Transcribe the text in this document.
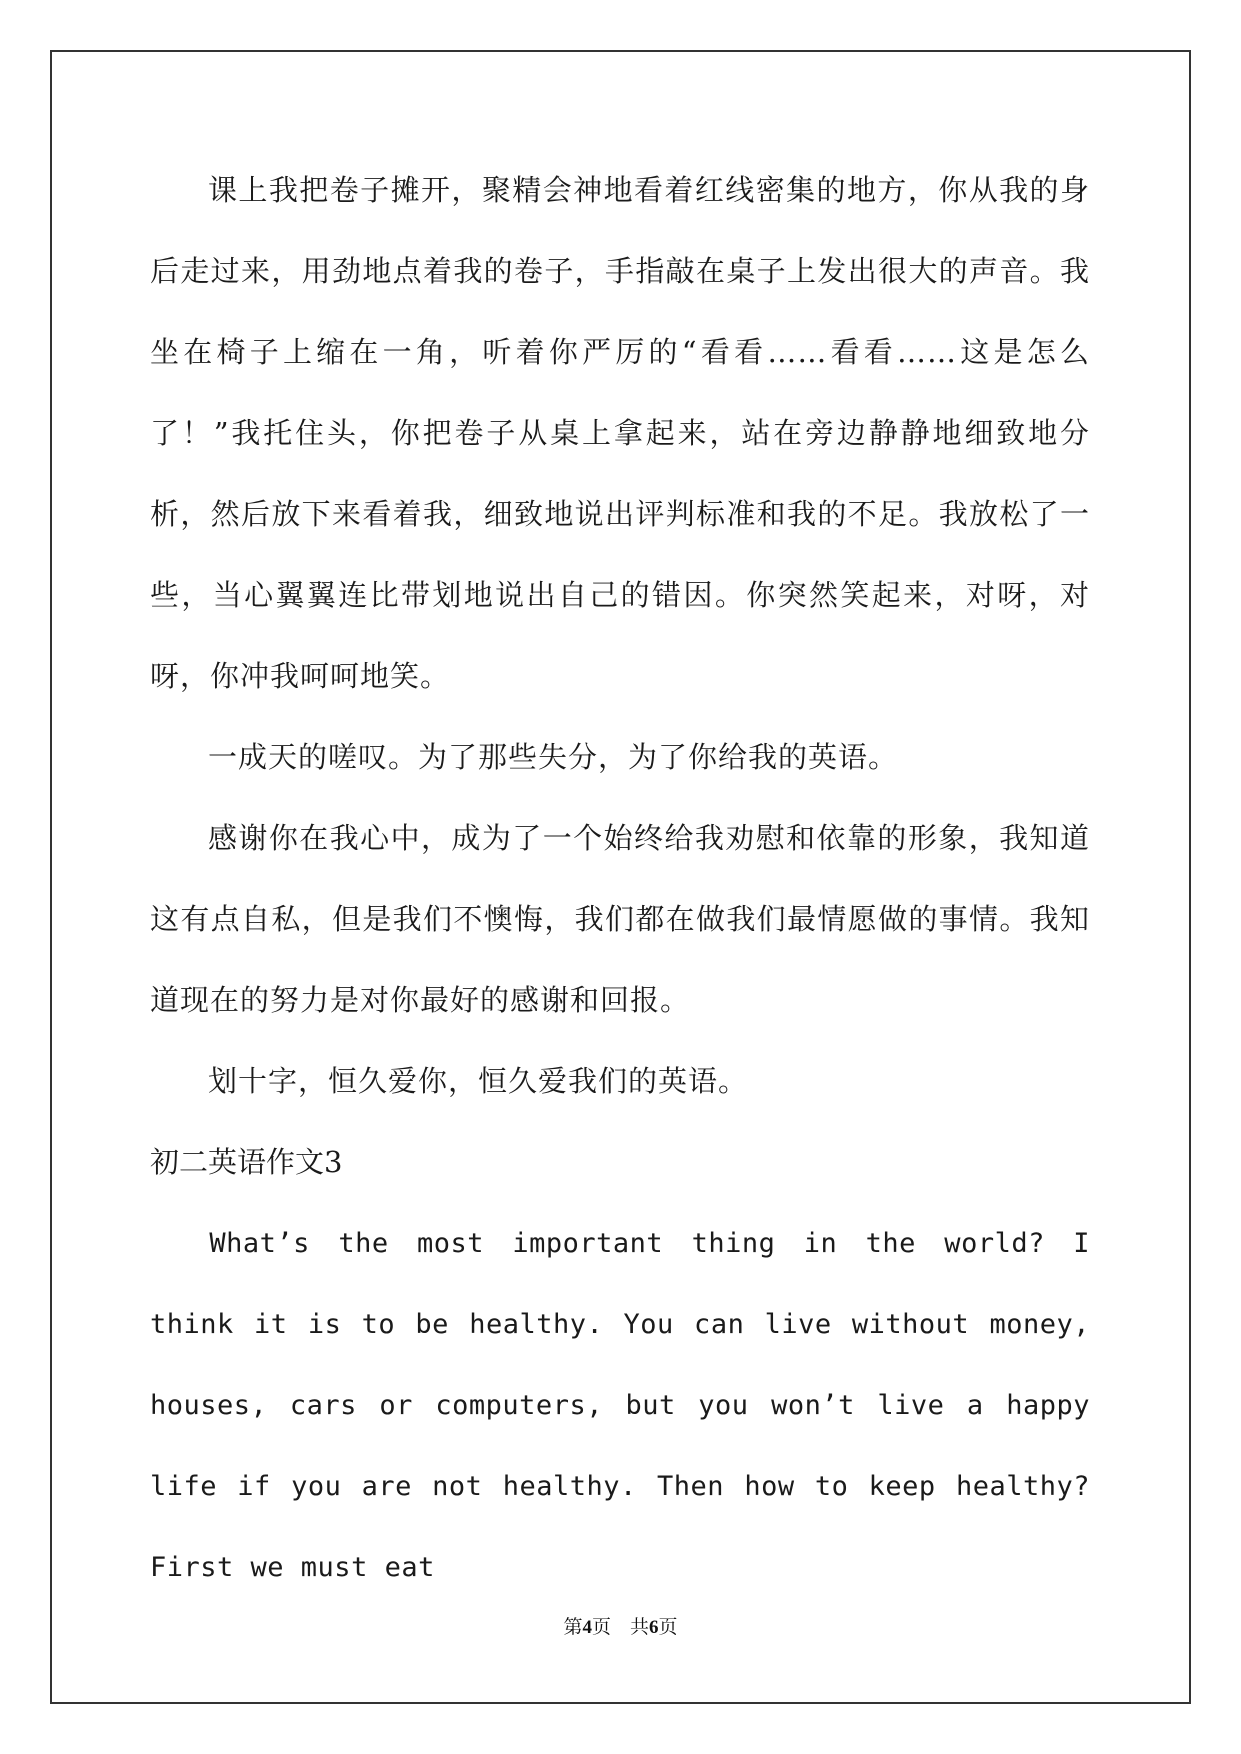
课上我把卷子摊开，聚精会神地看着红线密集的地方，你从我的身后走过来，用劲地点着我的卷子，手指敲在桌子上发出很大的声音。我坐在椅子上缩在一角，听着你严厉的“看看……看看……这是怎么了！”我托住头，你把卷子从桌上拿起来，站在旁边静静地细致地分析，然后放下来看着我，细致地说出评判标准和我的不足。我放松了一些，当心翼翼连比带划地说出自己的错因。你突然笑起来，对呀，对呀，你冲我呵呵地笑。

一成天的嗟叹。为了那些失分，为了你给我的英语。

感谢你在我心中，成为了一个始终给我劝慰和依靠的形象，我知道这有点自私，但是我们不懊悔，我们都在做我们最情愿做的事情。我知道现在的努力是对你最好的感谢和回报。

划十字，恒久爱你，恒久爱我们的英语。

初二英语作文3

What’s the most important thing in the world? I think it is to be healthy. You can live without money, houses, cars or computers, but you won’t live a happy life if you are not healthy. Then how to keep healthy? First we must eat

第4页　共6页
